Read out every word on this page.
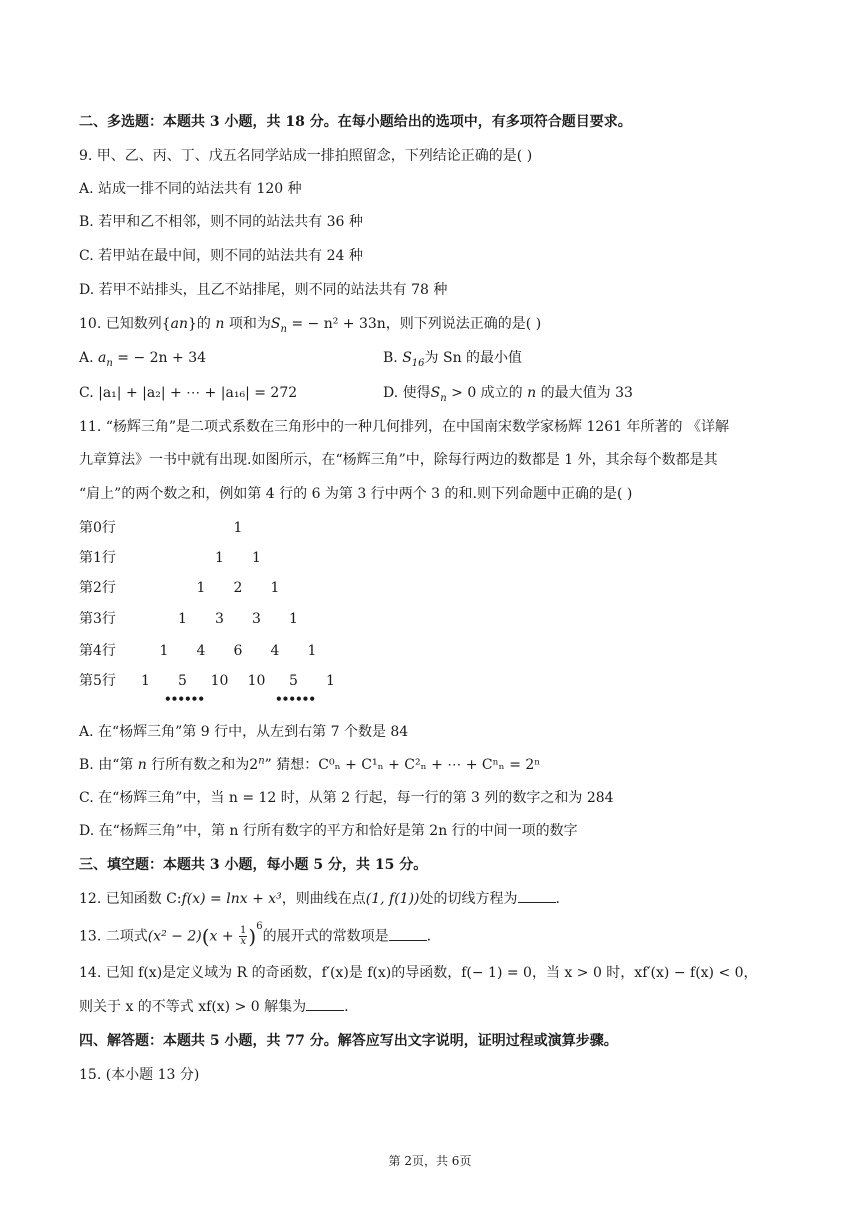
二、多选题：本题共 3 小题，共 18 分。在每小题给出的选项中，有多项符合题目要求。
9. 甲、乙、丙、丁、戊五名同学站成一排拍照留念，下列结论正确的是( )
A. 站成一排不同的站法共有 120 种
B. 若甲和乙不相邻，则不同的站法共有 36 种
C. 若甲站在最中间，则不同的站法共有 24 种
D. 若甲不站排头，且乙不站排尾，则不同的站法共有 78 种
10. 已知数列{an}的 n 项和为$S_n$ = − n² + 33n，则下列说法正确的是( )
A. $a_n$ = − 2n + 34	B. $S_{16}$为 Sn 的最小值
C. |a₁| + |a₂| + ⋯ + |a₁₆| = 272	D. 使得$S_n > 0$ 成立的 n 的最大值为 33
11. “杨辉三角”是二项式系数在三角形中的一种几何排列，在中国南宋数学家杨辉 1261 年所著的 《详解
九章算法》一书中就有出现.如图所示，在“杨辉三角”中，除每行两边的数都是 1 外，其余每个数都是其
“肩上”的两个数之和，例如第 4 行的 6 为第 3 行中两个 3 的和.则下列命题中正确的是( )
第0行	1
第1行	1	1
第2行	1	2	1
第3行	1	3	3	1
第4行	1	4	6	4	1
第5行	1	5	10 10	5	1
••••••	••••••
A. 在“杨辉三角”第 9 行中，从左到右第 7 个数是 84
B. 由“第 n 行所有数之和为2$^n$” 猜想：C⁰ₙ + C¹ₙ + C²ₙ + ⋯ + Cⁿₙ = 2ⁿ
C. 在“杨辉三角”中，当 n = 12 时，从第 2 行起，每一行的第 3 列的数字之和为 284
D. 在“杨辉三角”中，第 n 行所有数字的平方和恰好是第 2n 行的中间一项的数字
三、填空题：本题共 3 小题，每小题 5 分，共 15 分。
12. 已知函数 C:f(x) = lnx + x³，则曲线在点(1, f(1))处的切线方程为	.
13. 二项式$(x^2 - 2)(x + \frac{1}{x} )^6$的展开式的常数项是	.
14. 已知 f(x)是定义域为 R 的奇函数，f′(x)是 f(x)的导函数，f(− 1) = 0，当 x > 0 时，xf′(x) − f(x) < 0，
则关于 x 的不等式 xf(x) > 0 解集为	.
四、解答题：本题共 5 小题，共 77 分。解答应写出文字说明，证明过程或演算步骤。
15. (本小题 13 分)
第 2页，共 6页
